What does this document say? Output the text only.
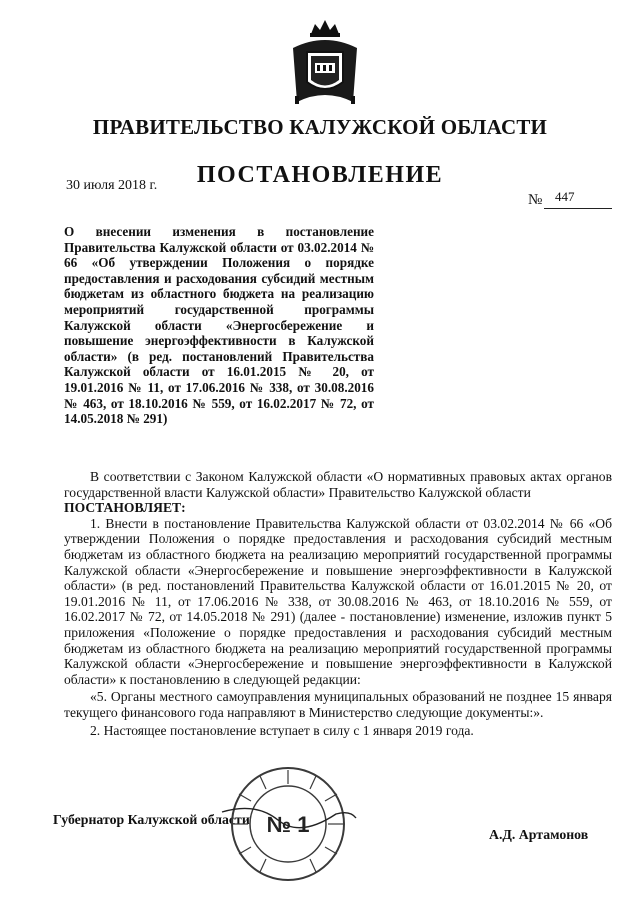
ПРАВИТЕЛЬСТВО КАЛУЖСКОЙ ОБЛАСТИ
ПОСТАНОВЛЕНИЕ
30 июля 2018 г.
№ 447
О внесении изменения в постановление Правительства Калужской области от 03.02.2014 № 66 «Об утверждении Положения о порядке предоставления и расходования субсидий местным бюджетам из областного бюджета на реализацию мероприятий государственной программы Калужской области «Энергосбережение и повышение энергоэффективности в Калужской области» (в ред. постановлений Правительства Калужской области от 16.01.2015 № 20, от 19.01.2016 № 11, от 17.06.2016 № 338, от 30.08.2016 № 463, от 18.10.2016 № 559, от 16.02.2017 № 72, от 14.05.2018 № 291)

В соответствии с Законом Калужской области «О нормативных правовых актах органов государственной власти Калужской области» Правительство Калужской области

ПОСТАНОВЛЯЕТ:

1. Внести в постановление Правительства Калужской области от 03.02.2014 № 66 «Об утверждении Положения о порядке предоставления и расходования субсидий местным бюджетам из областного бюджета на реализацию мероприятий государственной программы Калужской области «Энергосбережение и повышение энергоэффективности в Калужской области» (в ред. постановлений Правительства Калужской области от 16.01.2015 № 20, от 19.01.2016 № 11, от 17.06.2016 № 338, от 30.08.2016 № 463, от 18.10.2016 № 559, от 16.02.2017 № 72, от 14.05.2018 № 291) (далее - постановление) изменение, изложив пункт 5 приложения «Положение о порядке предоставления и расходования субсидий местным бюджетам из областного бюджета на реализацию мероприятий государственной программы Калужской области «Энергосбережение и повышение энергоэффективности в Калужской области» к постановлению в следующей редакции:

«5. Органы местного самоуправления муниципальных образований не позднее 15 января текущего финансового года направляют в Министерство следующие документы:».

2. Настоящее постановление вступает в силу с 1 января 2019 года.

Губернатор Калужской области
А.Д. Артамонов
№ 1
